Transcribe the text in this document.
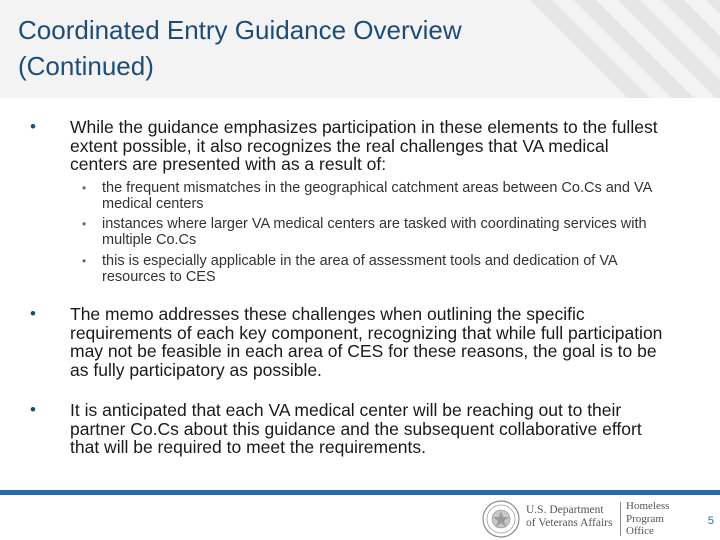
Coordinated Entry Guidance Overview (Continued)
• While the guidance emphasizes participation in these elements to the fullest extent possible, it also recognizes the real challenges that VA medical centers are presented with as a result of:
• the frequent mismatches in the geographical catchment areas between Co.Cs and VA medical centers
• instances where larger VA medical centers are tasked with coordinating services with multiple Co.Cs
• this is especially applicable in the area of assessment tools and dedication of VA resources to CES
• The memo addresses these challenges when outlining the specific requirements of each key component, recognizing that while full participation may not be feasible in each area of CES for these reasons, the goal is to be as fully participatory as possible.
• It is anticipated that each VA medical center will be reaching out to their partner Co.Cs about this guidance and the subsequent collaborative effort that will be required to meet the requirements.
U.S. Department
of Veterans Affairs
Homeless
Program
Office
5
